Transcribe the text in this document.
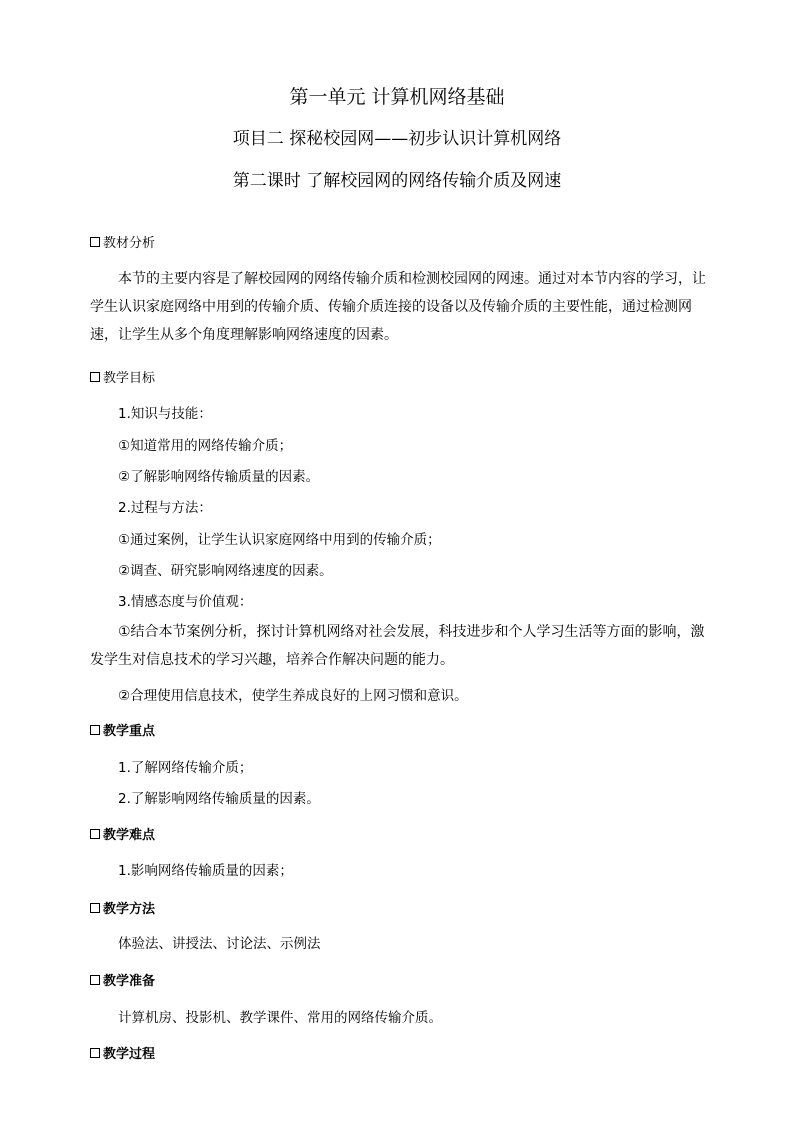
第一单元 计算机网络基础
项目二 探秘校园网——初步认识计算机网络
第二课时 了解校园网的网络传输介质及网速
教材分析
本节的主要内容是了解校园网的网络传输介质和检测校园网的网速。通过对本节内容的学习，让学生认识家庭网络中用到的传输介质、传输介质连接的设备以及传输介质的主要性能，通过检测网速，让学生从多个角度理解影响网络速度的因素。
教学目标
1.知识与技能：
①知道常用的网络传输介质；
②了解影响网络传输质量的因素。
2.过程与方法：
①通过案例，让学生认识家庭网络中用到的传输介质；
②调查、研究影响网络速度的因素。
3.情感态度与价值观：
①结合本节案例分析，探讨计算机网络对社会发展，科技进步和个人学习生活等方面的影响，激发学生对信息技术的学习兴趣，培养合作解决问题的能力。
②合理使用信息技术，使学生养成良好的上网习惯和意识。
教学重点
1.了解网络传输介质；
2.了解影响网络传输质量的因素。
教学难点
1.影响网络传输质量的因素；
教学方法
体验法、讲授法、讨论法、示例法
教学准备
计算机房、投影机、教学课件、常用的网络传输介质。
教学过程
